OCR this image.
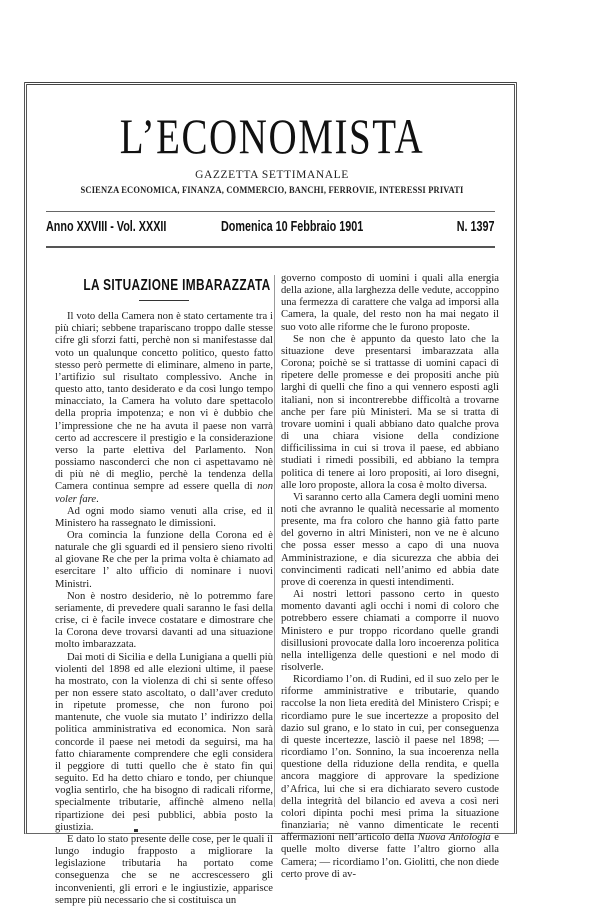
L’ECONOMISTA
GAZZETTA SETTIMANALE
SCIENZA ECONOMICA, FINANZA, COMMERCIO, BANCHI, FERROVIE, INTERESSI PRIVATI
Anno XXVIII - Vol. XXXII	Domenica 10 Febbraio 1901	N. 1397
LA SITUAZIONE IMBARAZZATA

Il voto della Camera non è stato certamente tra i più chiari; sebbene trapariscano troppo dalle stesse cifre gli sforzi fatti, perchè non si manifestasse dal voto un qualunque concetto politico, questo fatto stesso però permette di eliminare, almeno in parte, l’artifizio sul risultato complessivo. Anche in questo atto, tanto desiderato e da così lungo tempo minacciato, la Camera ha voluto dare spettacolo della propria impotenza; e non vi è dubbio che l’impressione che ne ha avuta il paese non varrà certo ad accrescere il prestigio e la considerazione verso la parte elettiva del Parlamento. Non possiamo nasconderci che non ci aspettavamo nè di più nè di meglio, perchè la tendenza della Camera continua sempre ad essere quella di non voler fare.

Ad ogni modo siamo venuti alla crise, ed il Ministero ha rassegnato le dimissioni.

Ora comincia la funzione della Corona ed è naturale che gli sguardi ed il pensiero sieno rivolti al giovane Re che per la prima volta è chiamato ad esercitare l’ alto ufficio di nominare i nuovi Ministri.

Non è nostro desiderio, nè lo potremmo fare seriamente, di prevedere quali saranno le fasi della crise, ci è facile invece costatare e dimostrare che la Corona deve trovarsi davanti ad una situazione molto imbarazzata.

Dai moti di Sicilia e della Lunigiana a quelli più violenti del 1898 ed alle elezioni ultime, il paese ha mostrato, con la violenza di chi si sente offeso per non essere stato ascoltato, o dall’aver creduto in ripetute promesse, che non furono poi mantenute, che vuole sia mutato l’ indirizzo della politica amministrativa ed economica. Non sarà concorde il paese nei metodi da seguirsi, ma ha fatto chiaramente comprendere che egli considera il peggiore di tutti quello che è stato fin qui seguito. Ed ha detto chiaro e tondo, per chiunque voglia sentirlo, che ha bisogno di radicali riforme, specialmente tributarie, affinchè almeno nella ripartizione dei pesi pubblici, abbia posto la giustizia.

E dato lo stato presente delle cose, per le quali il lungo indugio frapposto a migliorare la legislazione tributaria ha portato come conseguenza che se ne accrescessero gli inconvenienti, gli errori e le ingiustizie, apparisce sempre più necessario che si costituisca un

governo composto di uomini i quali alla energia della azione, alla larghezza delle vedute, accoppino una fermezza di carattere che valga ad imporsi alla Camera, la quale, del resto non ha mai negato il suo voto alle riforme che le furono proposte.

Se non che è appunto da questo lato che la situazione deve presentarsi imbarazzata alla Corona; poichè se si trattasse di uomini capaci di ripetere delle promesse e dei propositi anche più larghi di quelli che fino a qui vennero esposti agli italiani, non si incontrerebbe difficoltà a trovarne anche per fare più Ministeri. Ma se si tratta di trovare uomini i quali abbiano dato qualche prova di una chiara visione della condizione difficilissima in cui si trova il paese, ed abbiano studiati i rimedi possibili, ed abbiano la tempra politica di tenere ai loro propositi, ai loro disegni, alle loro proposte, allora la cosa è molto diversa.

Vi saranno certo alla Camera degli uomini meno noti che avranno le qualità necessarie al momento presente, ma fra coloro che hanno già fatto parte del governo in altri Ministeri, non ve ne è alcuno che possa esser messo a capo di una nuova Amministrazione, e dia sicurezza che abbia dei convincimenti radicati nell’animo ed abbia date prove di coerenza in questi intendimenti.

Ai nostri lettori passono certo in questo momento davanti agli occhi i nomi di coloro che potrebbero essere chiamati a comporre il nuovo Ministero e pur troppo ricordano quelle grandi disillusioni provocate dalla loro incoerenza politica nella intelligenza delle questioni e nel modo di risolverle.

Ricordiamo l’on. di Rudinì, ed il suo zelo per le riforme amministrative e tributarie, quando raccolse la non lieta eredità del Ministero Crispi; e ricordiamo pure le sue incertezze a proposito del dazio sul grano, e lo stato in cui, per conseguenza di queste incertezze, lasciò il paese nel 1898; — ricordiamo l’on. Sonnino, la sua incoerenza nella questione della riduzione della rendita, e quella ancora maggiore di approvare la spedizione d’Africa, lui che si era dichiarato severo custode della integrità del bilancio ed aveva a così neri colori dipinta pochi mesi prima la situazione finanziaria; nè vanno dimenticate le recenti affermazioni nell’articolo della Nuova Antologia e quelle molto diverse fatte l’altro giorno alla Camera; — ricordiamo l’on. Giolitti, che non diede certo prove di av-
